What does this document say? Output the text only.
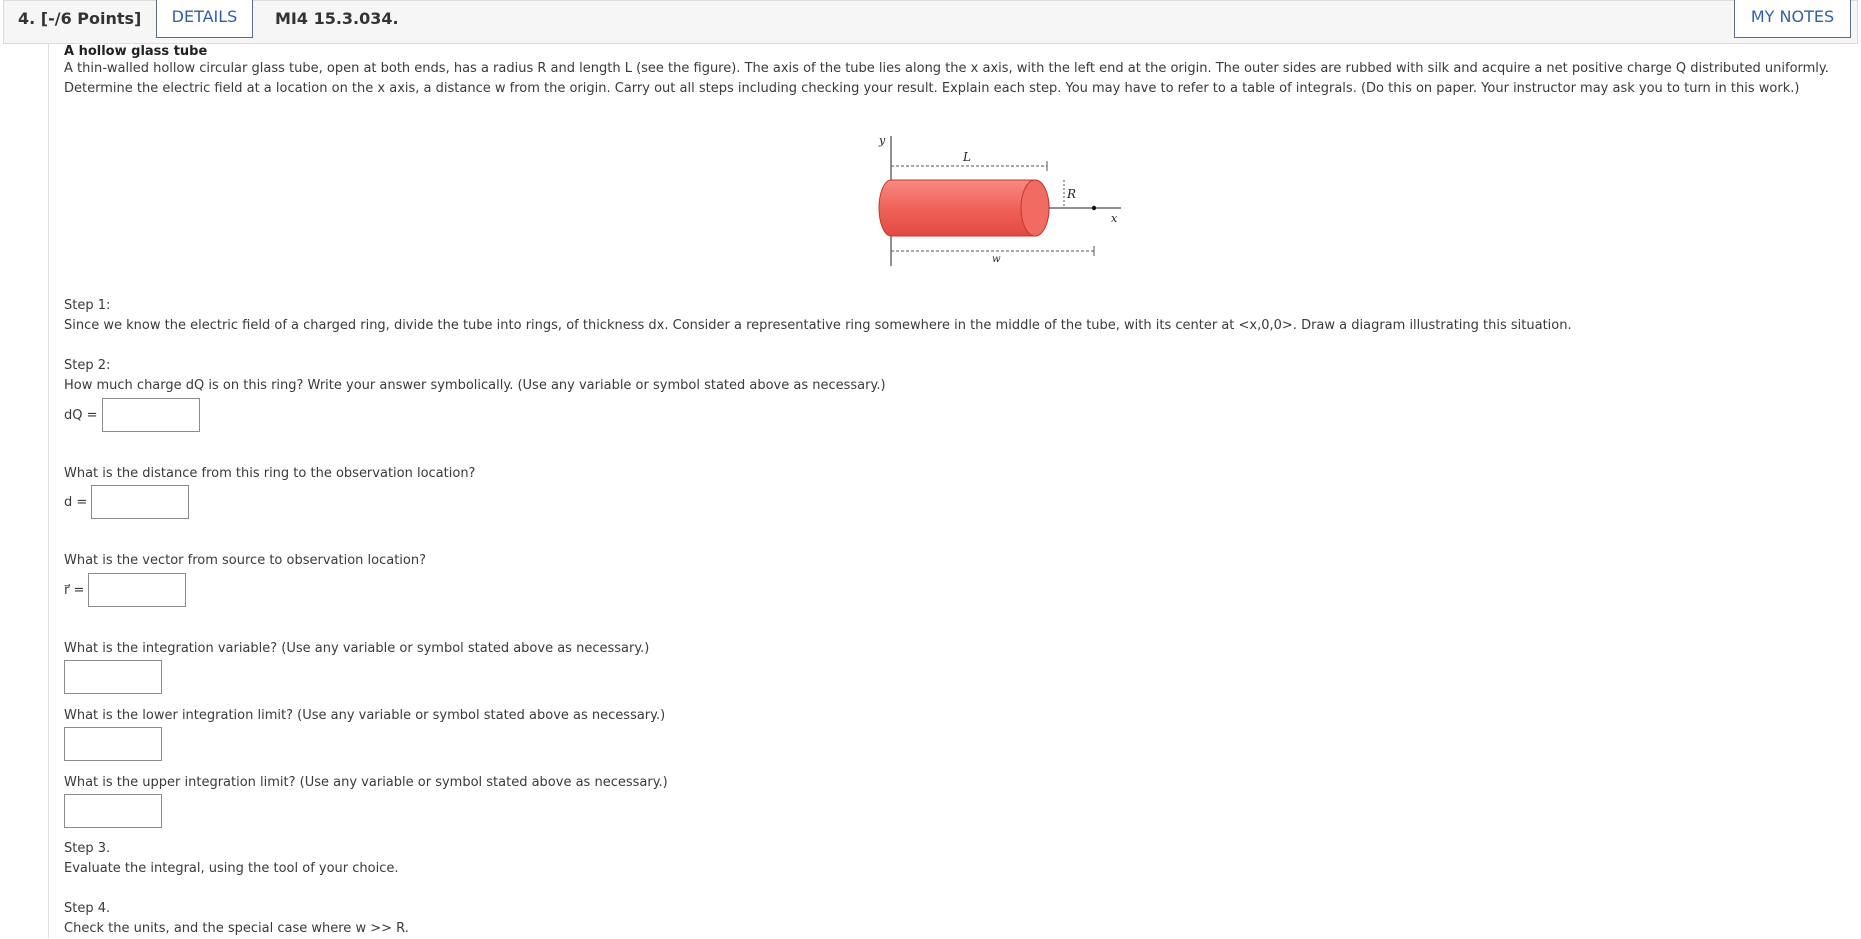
4. [-/6 Points]	DETAILS	MI4 15.3.034.	MY NOTES
A hollow glass tube
A thin-walled hollow circular glass tube, open at both ends, has a radius R and length L (see the figure). The axis of the tube lies along the x axis, with the left end at the origin. The outer sides are rubbed with silk and acquire a net positive charge Q distributed uniformly. Determine the electric field at a location on the x axis, a distance w from the origin. Carry out all steps including checking your result. Explain each step. You may have to refer to a table of integrals. (Do this on paper. Your instructor may ask you to turn in this work.)
y
L
R
x
w
Step 1:
Since we know the electric field of a charged ring, divide the tube into rings, of thickness dx. Consider a representative ring somewhere in the middle of the tube, with its center at <x,0,0>. Draw a diagram illustrating this situation.
Step 2:
How much charge dQ is on this ring? Write your answer symbolically. (Use any variable or symbol stated above as necessary.)
dQ =
What is the distance from this ring to the observation location?
d =
What is the vector from source to observation location?
r⃗ =
What is the integration variable? (Use any variable or symbol stated above as necessary.)
What is the lower integration limit? (Use any variable or symbol stated above as necessary.)
What is the upper integration limit? (Use any variable or symbol stated above as necessary.)
Step 3.
Evaluate the integral, using the tool of your choice.
Step 4.
Check the units, and the special case where w >> R.
